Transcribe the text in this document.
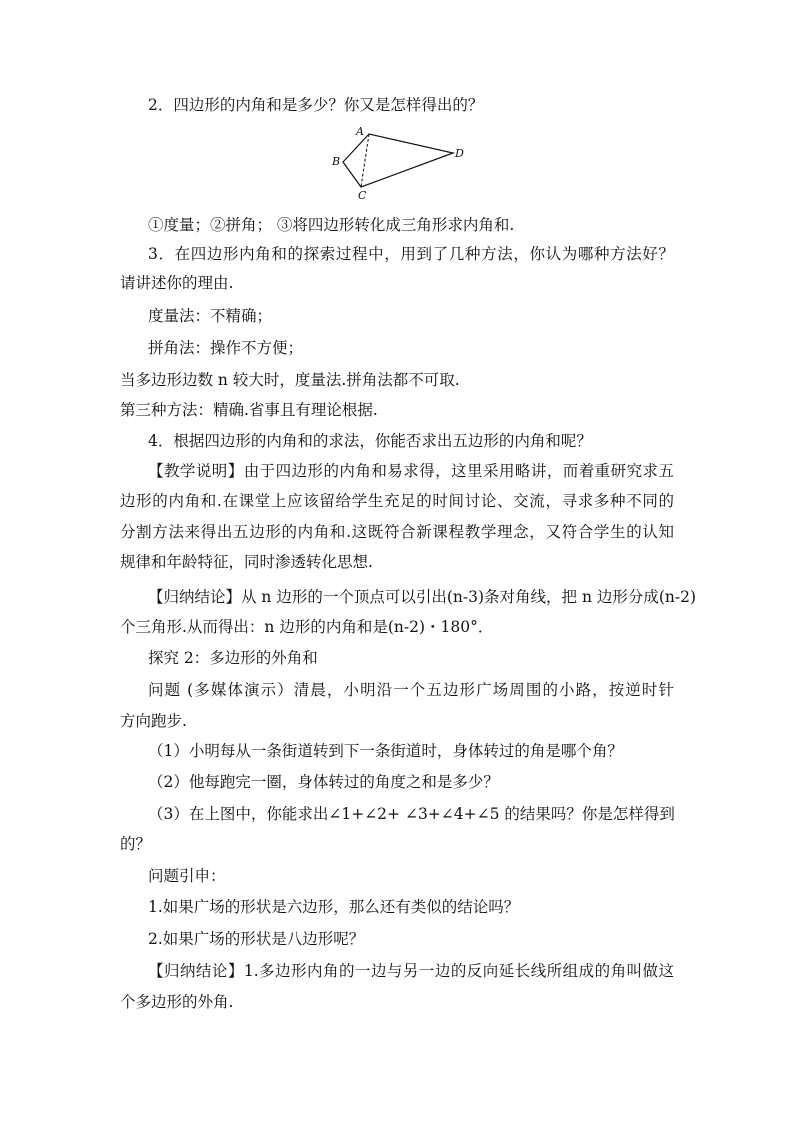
2．四边形的内角和是多少？你又是怎样得出的？
A
B
C
D
①度量；②拼角； ③将四边形转化成三角形求内角和.
3．在四边形内角和的探索过程中，用到了几种方法，你认为哪种方法好？
请讲述你的理由.
度量法：不精确；
拼角法：操作不方便；
当多边形边数 n 较大时，度量法.拼角法都不可取.
第三种方法：精确.省事且有理论根据.
4．根据四边形的内角和的求法，你能否求出五边形的内角和呢？
【教学说明】由于四边形的内角和易求得，这里采用略讲，而着重研究求五
边形的内角和.在课堂上应该留给学生充足的时间讨论、交流，寻求多种不同的
分割方法来得出五边形的内角和.这既符合新课程教学理念，又符合学生的认知
规律和年龄特征，同时渗透转化思想.
【归纳结论】从 n 边形的一个顶点可以引出(n-3)条对角线，把 n 边形分成(n-2)
个三角形.从而得出：n 边形的内角和是(n-2)・180°．
探究 2：多边形的外角和
问题 (多媒体演示）清晨，小明沿一个五边形广场周围的小路，按逆时针
方向跑步.
（1）小明每从一条街道转到下一条街道时，身体转过的角是哪个角？
（2）他每跑完一圈，身体转过的角度之和是多少？
（3）在上图中，你能求出∠1+∠2+ ∠3+∠4+∠5 的结果吗？你是怎样得到
的？
问题引申：
1.如果广场的形状是六边形，那么还有类似的结论吗？
2.如果广场的形状是八边形呢？
【归纳结论】1.多边形内角的一边与另一边的反向延长线所组成的角叫做这
个多边形的外角.
